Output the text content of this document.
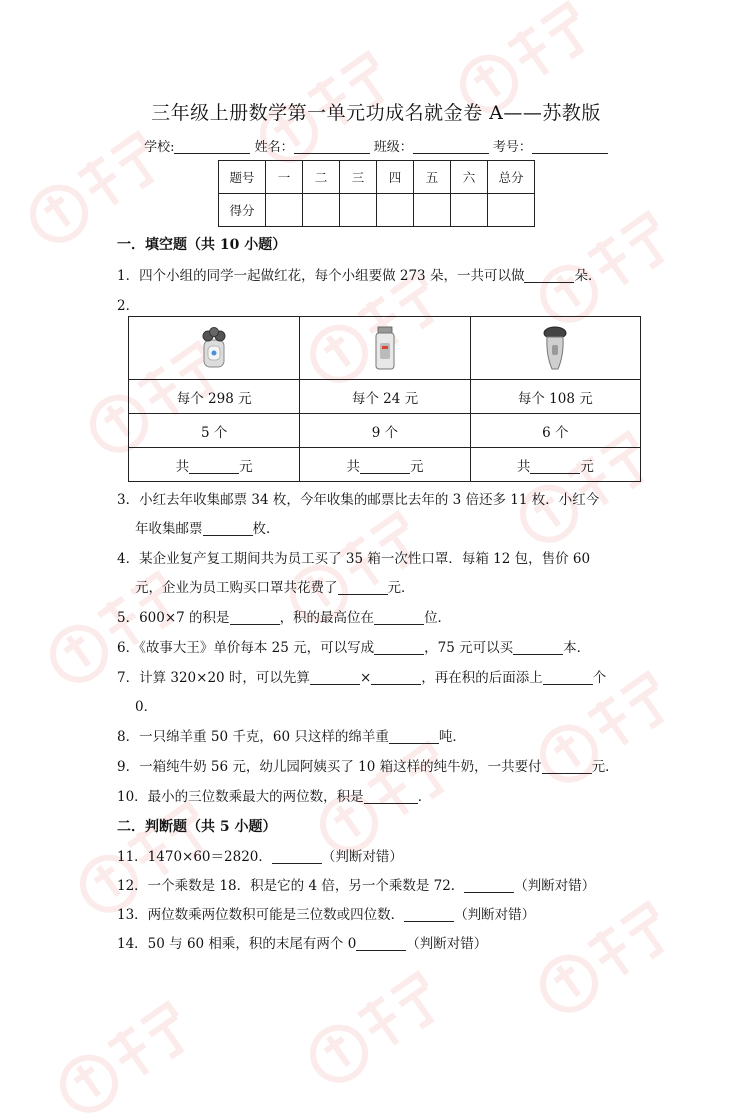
三年级上册数学第一单元功成名就金卷 A——苏教版
学校:	姓名：	班级：	考号：
题号	一	二	三	四	五	六	总分
得分							
一．填空题（共 10 小题）
1．四个小组的同学一起做红花，每个小组要做 273 朵，一共可以做	朵．
2．

每个 298 元	每个 24 元	每个 108 元
5 个	9 个	6 个
共 元	共 元	共 元
3．小红去年收集邮票 34 枚，今年收集的邮票比去年的 3 倍还多 11 枚．小红今
年收集邮票	枚．
4．某企业复产复工期间共为员工买了 35 箱一次性口罩．每箱 12 包，售价 60
元，企业为员工购买口罩共花费了	元．
5．600×7 的积是	，积的最高位在	位．
6．《故事大王》单价每本 25 元，可以写成	，75 元可以买	本．
7．计算 320×20 时，可以先算	×	，再在积的后面添上	个
0．
8．一只绵羊重 50 千克，60 只这样的绵羊重	吨．
9．一箱纯牛奶 56 元，幼儿园阿姨买了 10 箱这样的纯牛奶，一共要付	元．
10．最小的三位数乘最大的两位数，积是	．
二．判断题（共 5 小题）
11．1470×60＝2820．	（判断对错）
12．一个乘数是 18．积是它的 4 倍，另一个乘数是 72．	（判断对错）
13．两位数乘两位数积可能是三位数或四位数．	（判断对错）
14．50 与 60 相乘，积的末尾有两个 0	（判断对错）
